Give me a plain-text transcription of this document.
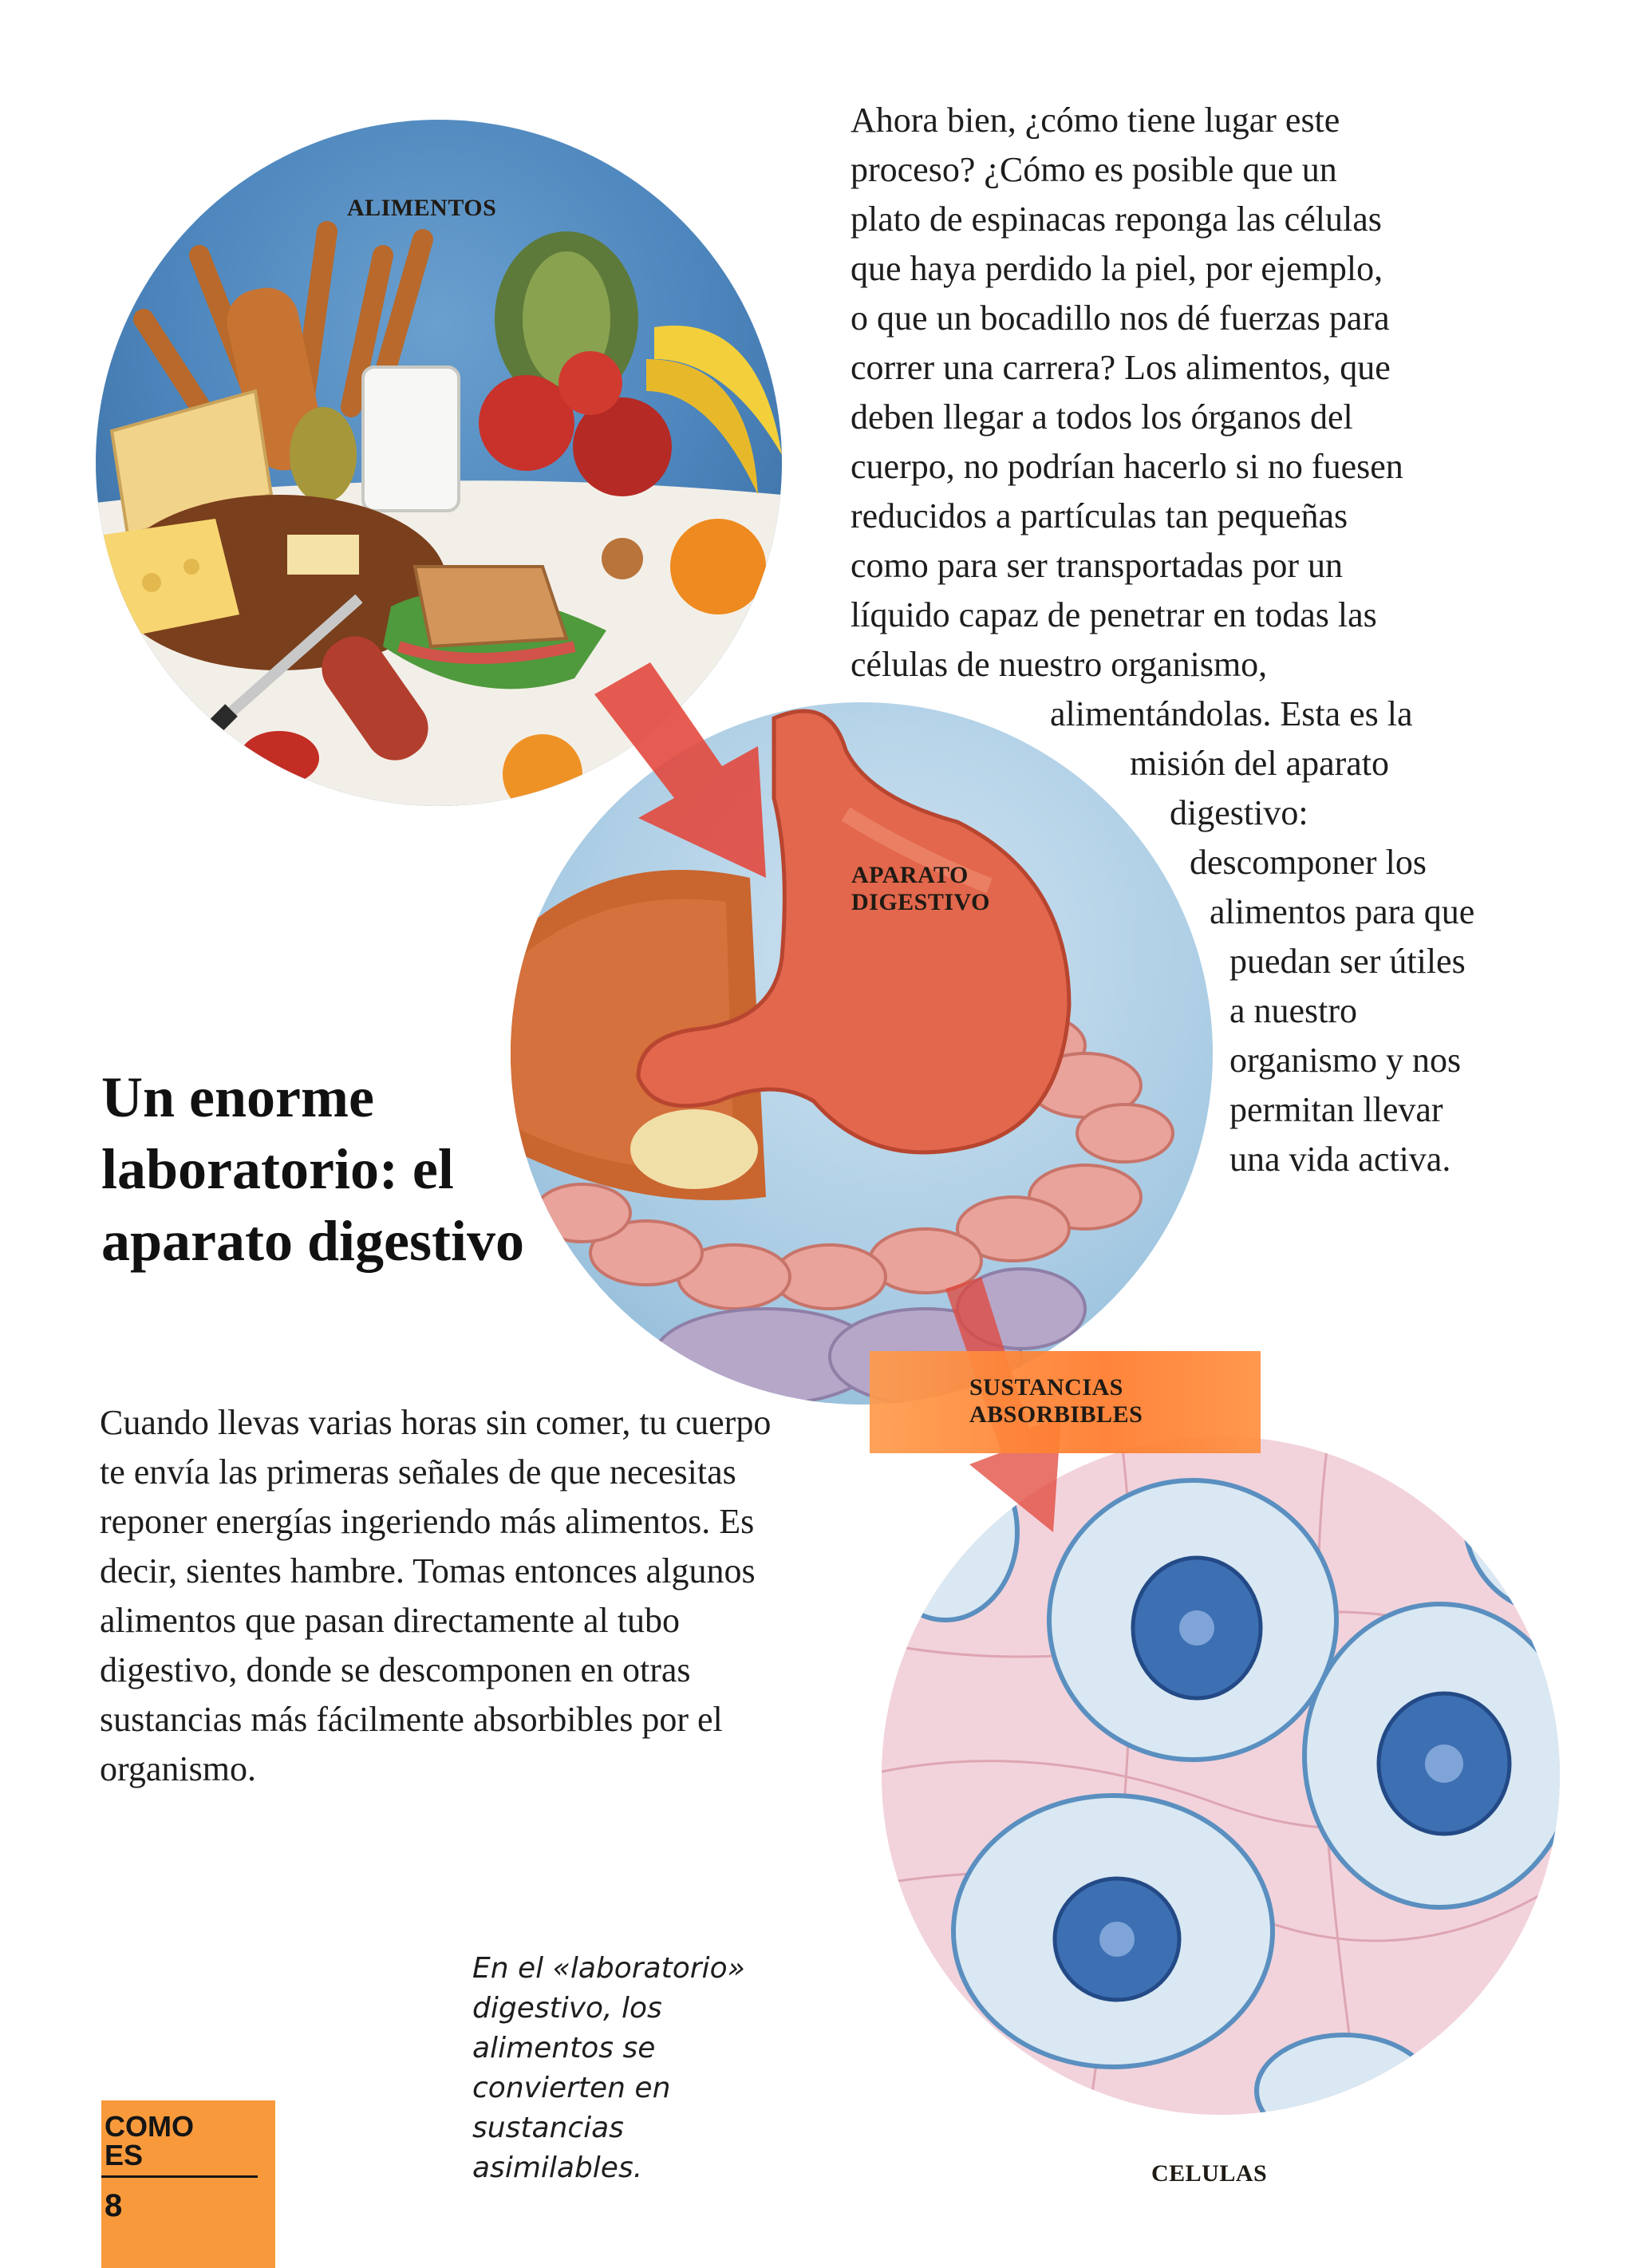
ALIMENTOS
APARATO
DIGESTIVO
CELULAS
SUSTANCIAS
ABSORBIBLES
Ahora bien, ¿cómo tiene lugar este
proceso? ¿Cómo es posible que un
plato de espinacas reponga las células
que haya perdido la piel, por ejemplo,
o que un bocadillo nos dé fuerzas para
correr una carrera? Los alimentos, que
deben llegar a todos los órganos del
cuerpo, no podrían hacerlo si no fuesen
reducidos a partículas tan pequeñas
como para ser transportadas por un
líquido capaz de penetrar en todas las
células de nuestro organismo,
alimentándolas. Esta es la
misión del aparato
digestivo:
descomponer los
alimentos para que
puedan ser útiles
a nuestro
organismo y nos
permitan llevar
una vida activa.
Un enorme laboratorio: el aparato digestivo

Cuando llevas varias horas sin comer, tu cuerpo te envía las primeras señales de que necesitas reponer energías ingeriendo más alimentos. Es decir, sientes hambre. Tomas entonces algunos alimentos que pasan directamente al tubo digestivo, donde se descomponen en otras sustancias más fácilmente absorbibles por el organismo.

En el «laboratorio» digestivo, los alimentos se convierten en sustancias asimilables.

COMO
ES
8
